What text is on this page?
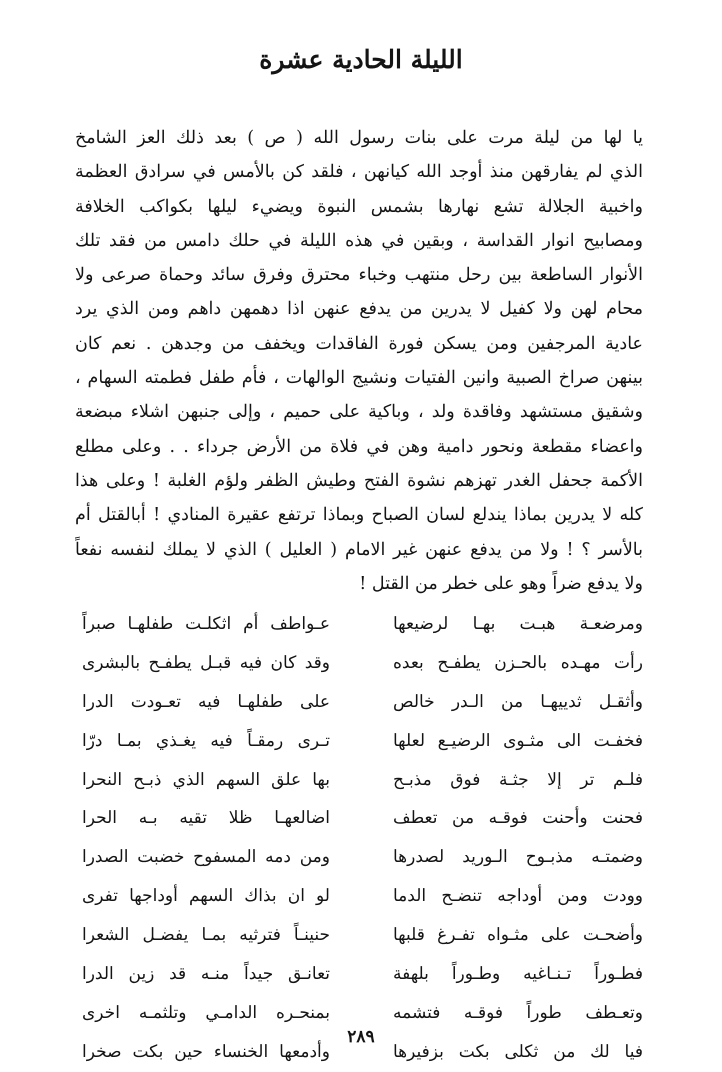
الليلة الحادية عشرة
يا لها من ليلة مرت على بنات رسول الله ( ص ) بعد ذلك العز الشامخ
الذي لم يفارقهن منذ أوجد الله كيانهن ، فلقد كن بالأمس في سرادق العظمة
واخبية الجلالة تشع نهارها بشمس النبوة ويضيء ليلها بكواكب الخلافة
ومصابيح انوار القداسة ، وبقين في هذه الليلة في حلك دامس من فقد تلك
الأنوار الساطعة بين رحل منتهب وخباء محترق وفرق سائد وحماة صرعى ولا
محام لهن ولا كفيل لا يدرين من يدفع عنهن اذا دهمهن داهم ومن الذي يرد
عادية المرجفين ومن يسكن فورة الفاقدات ويخفف من وجدهن . نعم كان
بينهن صراخ الصبية وانين الفتيات ونشيج الوالهات ، فأم طفل فطمته السهام ،
وشقيق مستشهد وفاقدة ولد ، وباكية على حميم ، وإلى جنبهن اشلاء مبضعة
واعضاء مقطعة ونحور دامية وهن في فلاة من الأرض جرداء . . وعلى مطلع
الأكمة جحفل الغدر تهزهم نشوة الفتح وطيش الظفر ولؤم الغلبة ! وعلى هذا
كله لا يدرين بماذا يندلع لسان الصباح وبماذا ترتفع عقيرة المنادي ! أبالقتل أم
بالأسر ؟ ! ولا من يدفع عنهن غير الامام ( العليل ) الذي لا يملك لنفسه نفعاً
ولا يدفع ضراً وهو على خطر من القتل !
ومرضعـة هبـت بهـا لرضيعها
عـواطف أم اثكلـت طفلهـا صبراً
رأت مهـده بالحـزن يطفـح بعده
وقد كان فيه قبـل يطفـح بالبشرى
وأثقـل ثدييهـا من الـدر خالص
على طفلهـا فيه تعـودت الدرا
فخفـت الى مثـوى الرضيـع لعلها
تـرى رمقـاً فيه يغـذي بمـا درّا
فلـم تر إلا جثـة فوق مذبـح
بها علق السهم الذي ذبـح النحرا
فحنت وأحنت فوقـه من تعطف
اضالعهـا ظلا تقيه بـه الحرا
وضمتـه مذبـوح الـوريد لصدرها
ومن دمه المسفوح خضبت الصدرا
وودت ومن أوداجه تنضـح الدما
لو ان بذاك السهم أوداجها تفرى
وأضحـت على مثـواه تفـرغ قلبها
حنينـاً فترثيه بمـا يفضـل الشعرا
فطـوراً تـنـاغيه وطـوراً بلهفة
تعانـق جيداً منـه قد زين الدرا
وتعـطف طوراً فوقـه فتشمه
بمنحـره الدامـي وتلثمـه اخرى
فيا لك من ثكلى بكت بزفيرها
وأدمعها الخنساء حين بكت صخرا
٢٨٩
